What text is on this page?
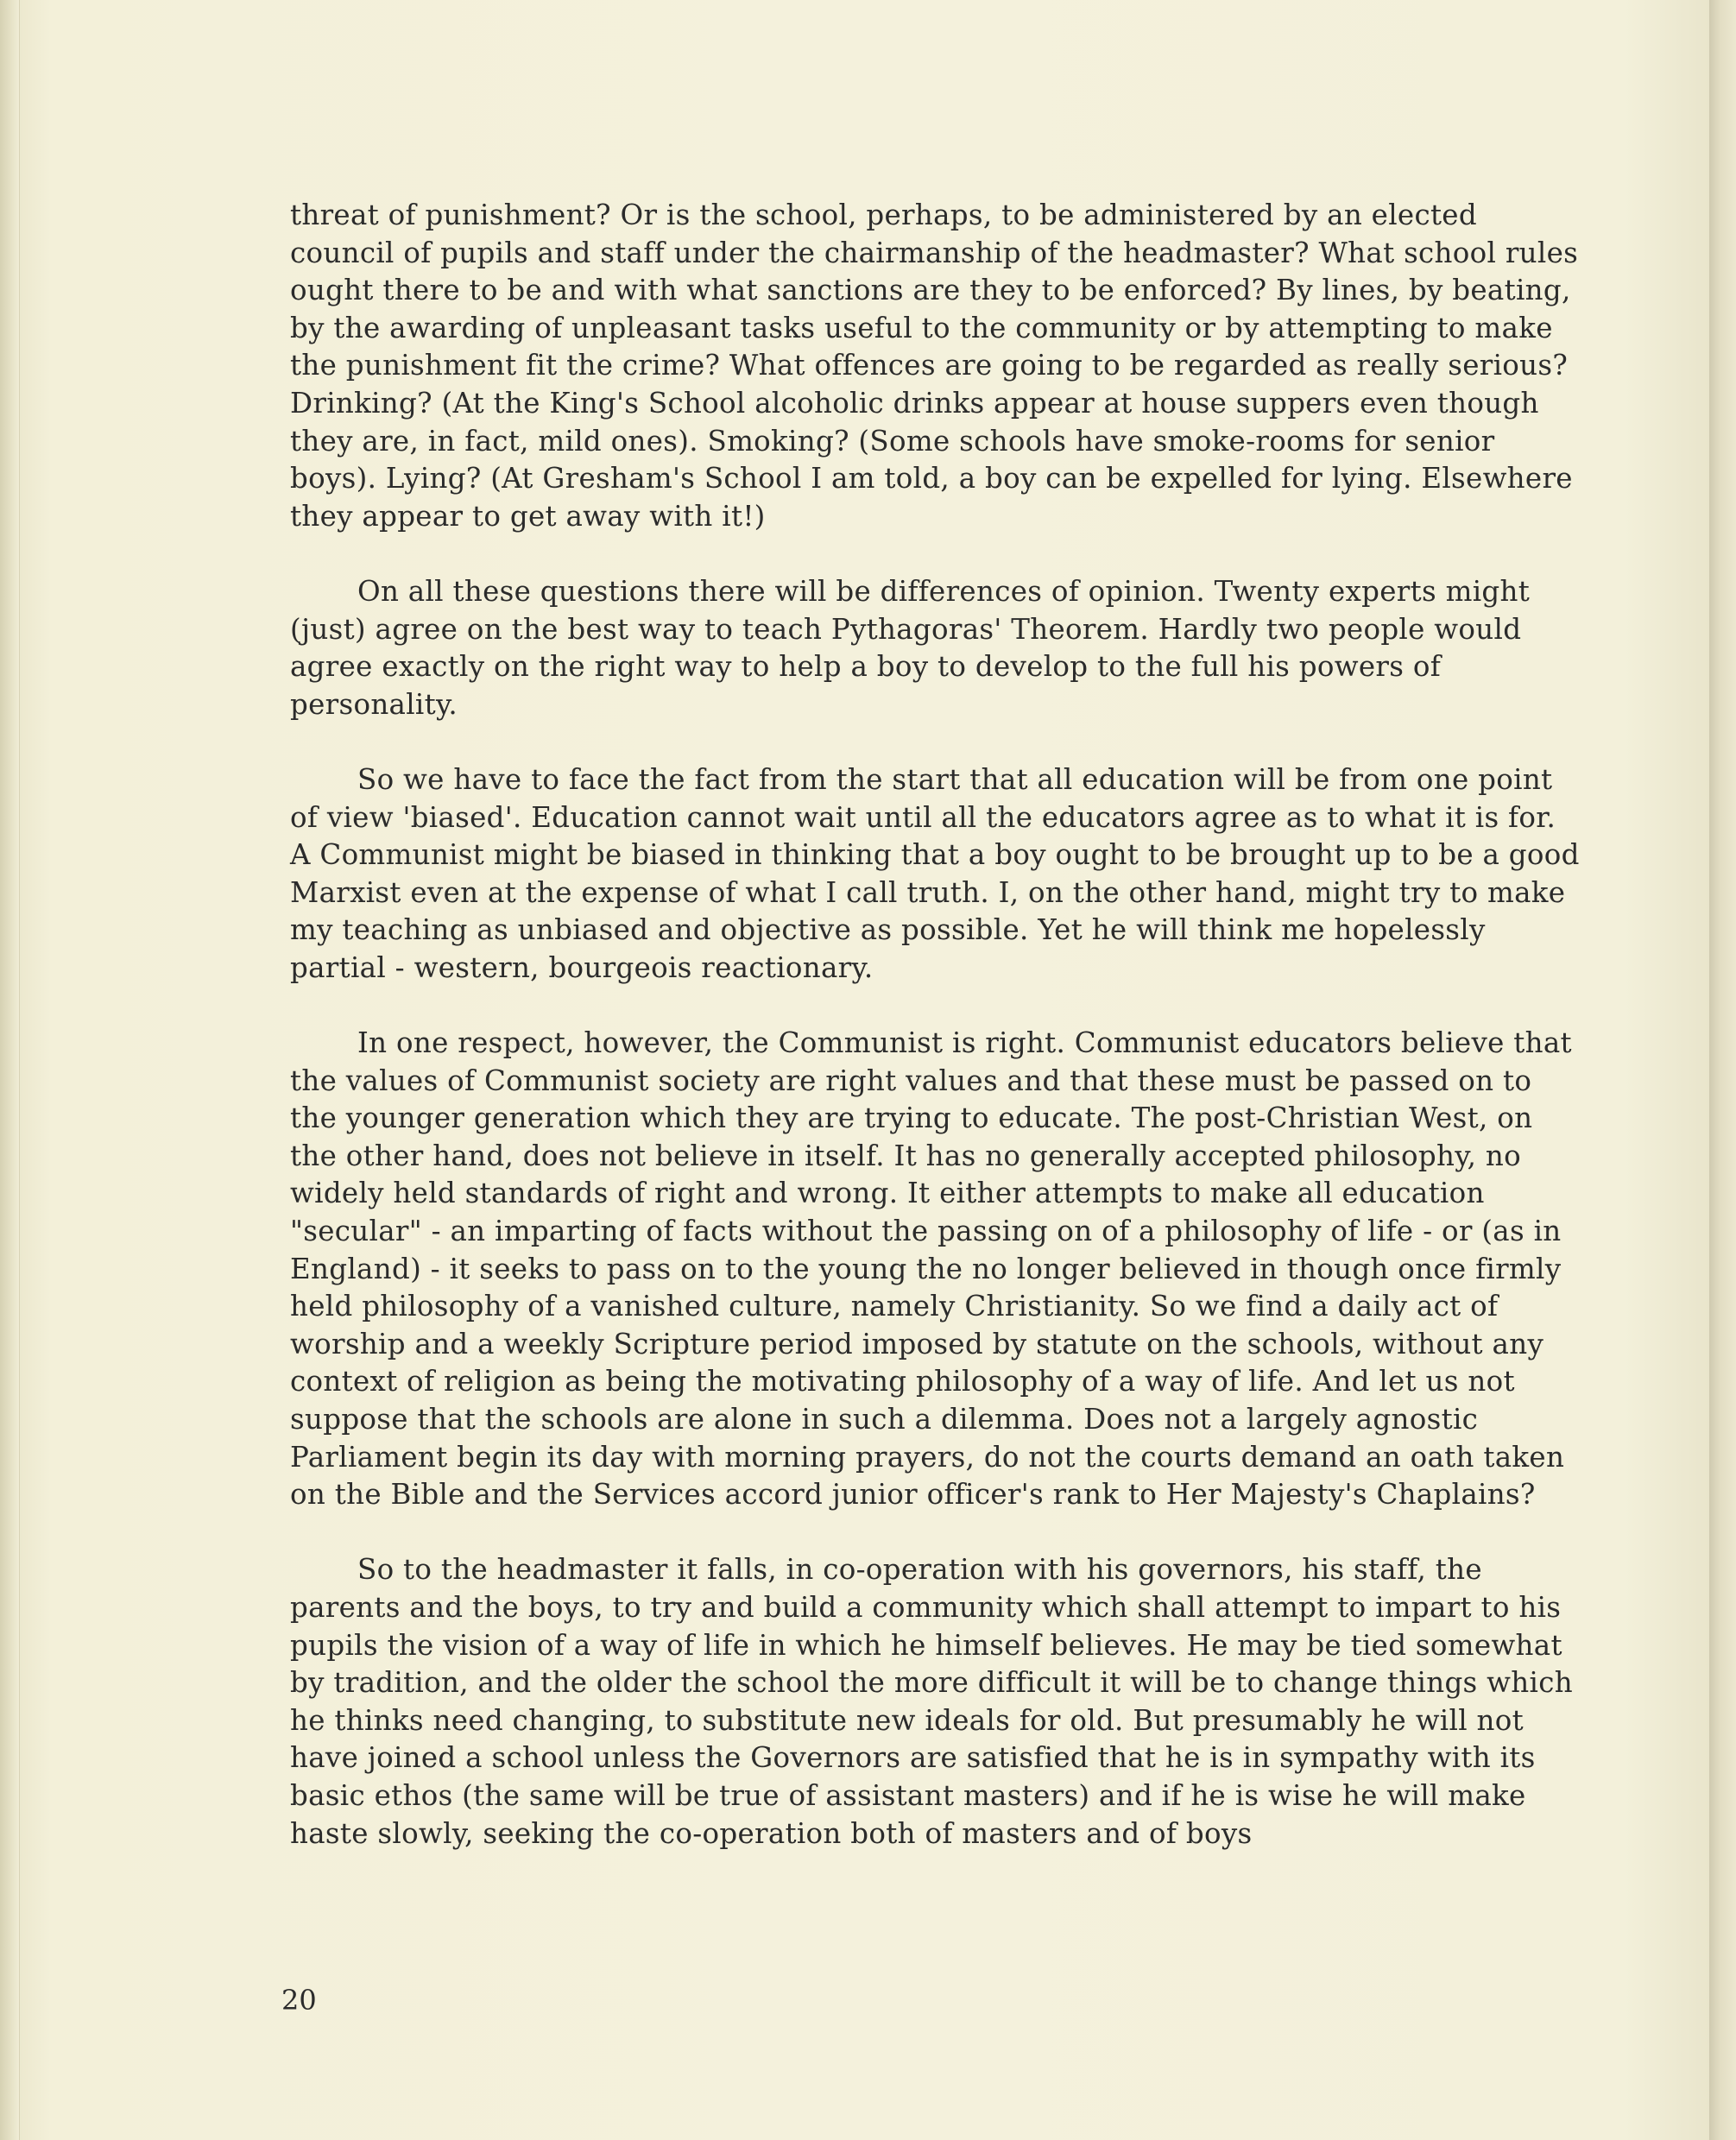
threat of punishment? Or is the school, perhaps, to be administered by an elected council of pupils and staff under the chairmanship of the headmaster? What school rules ought there to be and with what sanctions are they to be enforced? By lines, by beating, by the awarding of unpleasant tasks useful to the community or by attempting to make the punishment fit the crime? What offences are going to be regarded as really serious? Drinking? (At the King's School alcoholic drinks appear at house suppers even though they are, in fact, mild ones). Smoking? (Some schools have smoke-rooms for senior boys). Lying? (At Gresham's School I am told, a boy can be expelled for lying. Elsewhere they appear to get away with it!)

On all these questions there will be differences of opinion. Twenty experts might (just) agree on the best way to teach Pythagoras' Theorem. Hardly two people would agree exactly on the right way to help a boy to develop to the full his powers of personality.

So we have to face the fact from the start that all education will be from one point of view 'biased'. Education cannot wait until all the educators agree as to what it is for. A Communist might be biased in thinking that a boy ought to be brought up to be a good Marxist even at the expense of what I call truth. I, on the other hand, might try to make my teaching as unbiased and objective as possible. Yet he will think me hopelessly partial - western, bourgeois reactionary.

In one respect, however, the Communist is right. Communist educators believe that the values of Communist society are right values and that these must be passed on to the younger generation which they are trying to educate. The post-Christian West, on the other hand, does not believe in itself. It has no generally accepted philosophy, no widely held standards of right and wrong. It either attempts to make all education "secular" - an imparting of facts without the passing on of a philosophy of life - or (as in England) - it seeks to pass on to the young the no longer believed in though once firmly held philosophy of a vanished culture, namely Christianity. So we find a daily act of worship and a weekly Scripture period imposed by statute on the schools, without any context of religion as being the motivating philosophy of a way of life. And let us not suppose that the schools are alone in such a dilemma. Does not a largely agnostic Parliament begin its day with morning prayers, do not the courts demand an oath taken on the Bible and the Services accord junior officer's rank to Her Majesty's Chaplains?

So to the headmaster it falls, in co-operation with his governors, his staff, the parents and the boys, to try and build a community which shall attempt to impart to his pupils the vision of a way of life in which he himself believes. He may be tied somewhat by tradition, and the older the school the more difficult it will be to change things which he thinks need changing, to substitute new ideals for old. But presumably he will not have joined a school unless the Governors are satisfied that he is in sympathy with its basic ethos (the same will be true of assistant masters) and if he is wise he will make haste slowly, seeking the co-operation both of masters and of boys

20
